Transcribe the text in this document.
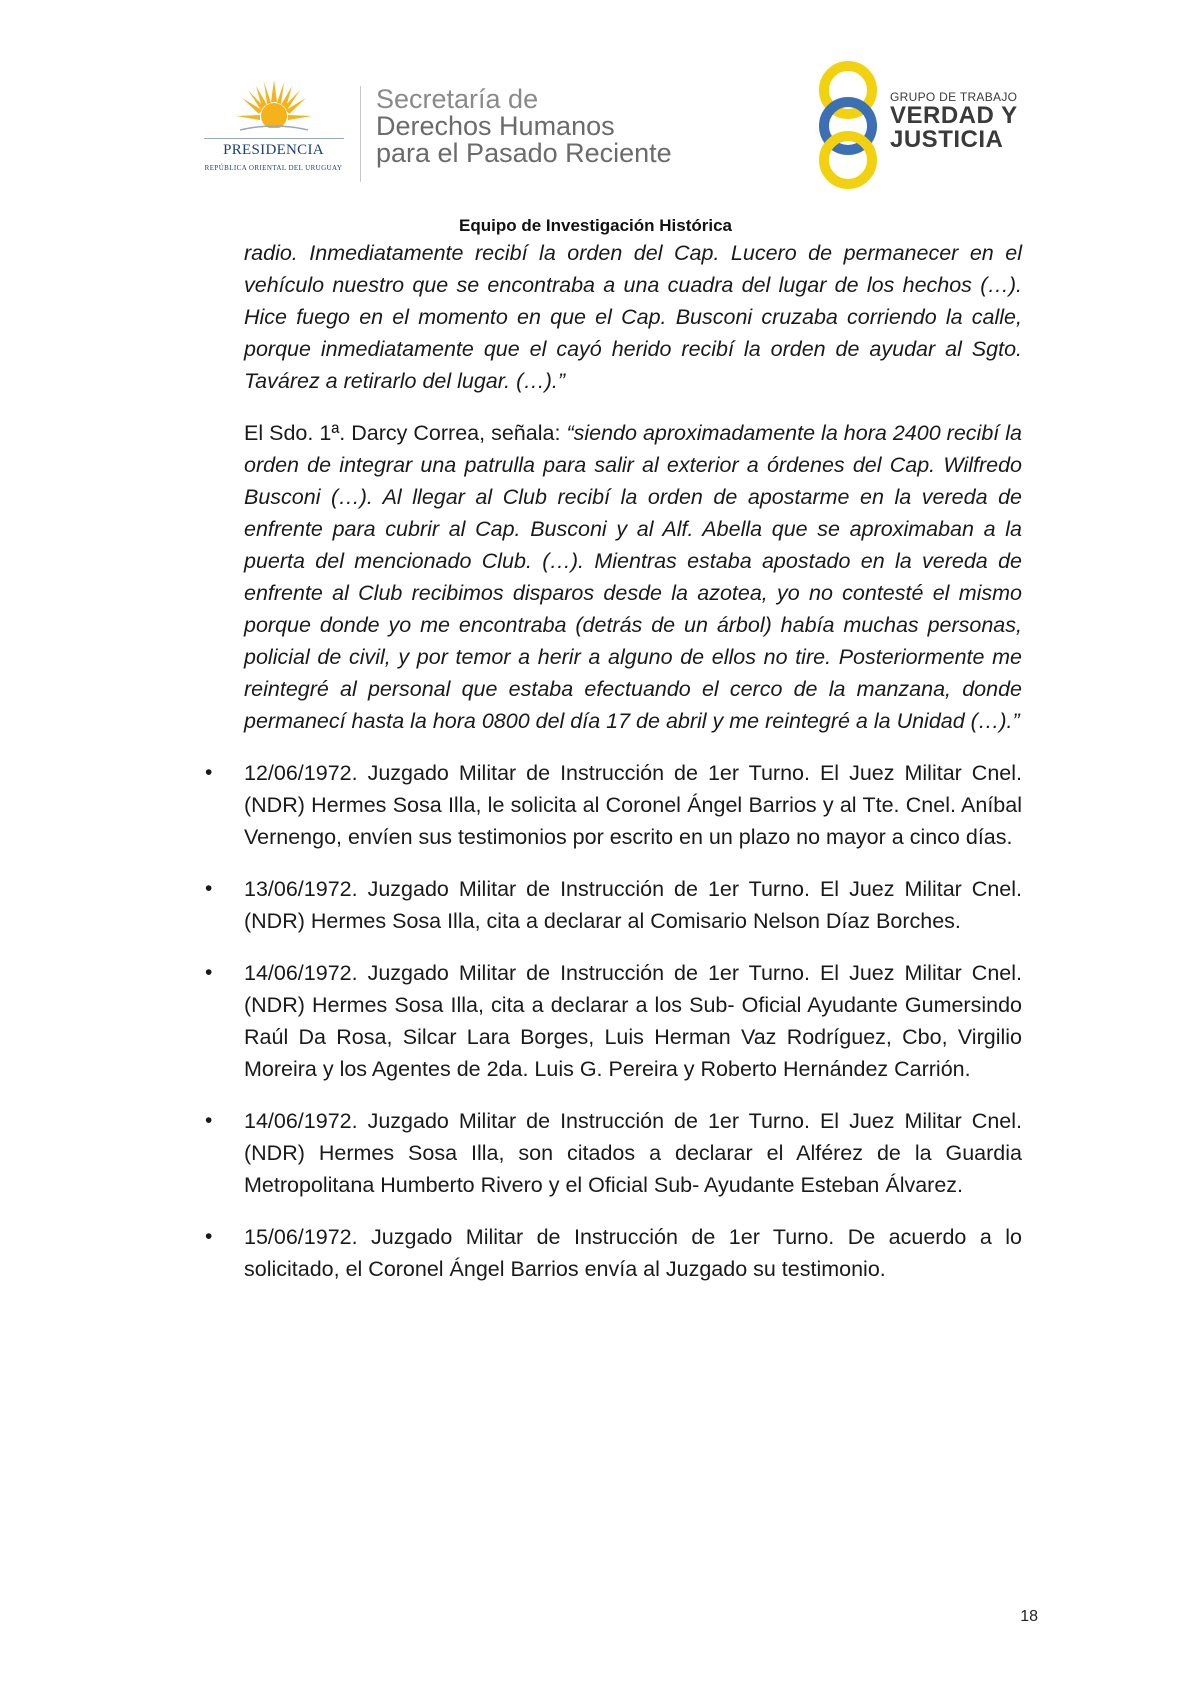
PRESIDENCIA
REPÚBLICA ORIENTAL DEL URUGUAY
Secretaría de
Derechos Humanos
para el Pasado Reciente
GRUPO DE TRABAJO
VERDAD Y
JUSTICIA
Equipo de Investigación Histórica

radio. Inmediatamente recibí la orden del Cap. Lucero de permanecer en el vehículo nuestro que se encontraba a una cuadra del lugar de los hechos (…). Hice fuego en el momento en que el Cap. Busconi cruzaba corriendo la calle, porque inmediatamente que el cayó herido recibí la orden de ayudar al Sgto. Tavárez a retirarlo del lugar. (…).”

El Sdo. 1ª. Darcy Correa, señala: “siendo aproximadamente la hora 2400 recibí la orden de integrar una patrulla para salir al exterior a órdenes del Cap. Wilfredo Busconi (…). Al llegar al Club recibí la orden de apostarme en la vereda de enfrente para cubrir al Cap. Busconi y al Alf. Abella que se aproximaban a la puerta del mencionado Club. (…). Mientras estaba apostado en la vereda de enfrente al Club recibimos disparos desde la azotea, yo no contesté el mismo porque donde yo me encontraba (detrás de un árbol) había muchas personas, policial de civil, y por temor a herir a alguno de ellos no tire. Posteriormente me reintegré al personal que estaba efectuando el cerco de la manzana, donde permanecí hasta la hora 0800 del día 17 de abril y me reintegré a la Unidad (…).”

• 12/06/1972. Juzgado Militar de Instrucción de 1er Turno. El Juez Militar Cnel. (NDR) Hermes Sosa Illa, le solicita al Coronel Ángel Barrios y al Tte. Cnel. Aníbal Vernengo, envíen sus testimonios por escrito en un plazo no mayor a cinco días.

• 13/06/1972. Juzgado Militar de Instrucción de 1er Turno. El Juez Militar Cnel. (NDR) Hermes Sosa Illa, cita a declarar al Comisario Nelson Díaz Borches.

• 14/06/1972. Juzgado Militar de Instrucción de 1er Turno. El Juez Militar Cnel. (NDR) Hermes Sosa Illa, cita a declarar a los Sub- Oficial Ayudante Gumersindo Raúl Da Rosa, Silcar Lara Borges, Luis Herman Vaz Rodríguez, Cbo, Virgilio Moreira y los Agentes de 2da. Luis G. Pereira y Roberto Hernández Carrión.

• 14/06/1972. Juzgado Militar de Instrucción de 1er Turno. El Juez Militar Cnel. (NDR) Hermes Sosa Illa, son citados a declarar el Alférez de la Guardia Metropolitana Humberto Rivero y el Oficial Sub- Ayudante Esteban Álvarez.

• 15/06/1972. Juzgado Militar de Instrucción de 1er Turno. De acuerdo a lo solicitado, el Coronel Ángel Barrios envía al Juzgado su testimonio.

18
